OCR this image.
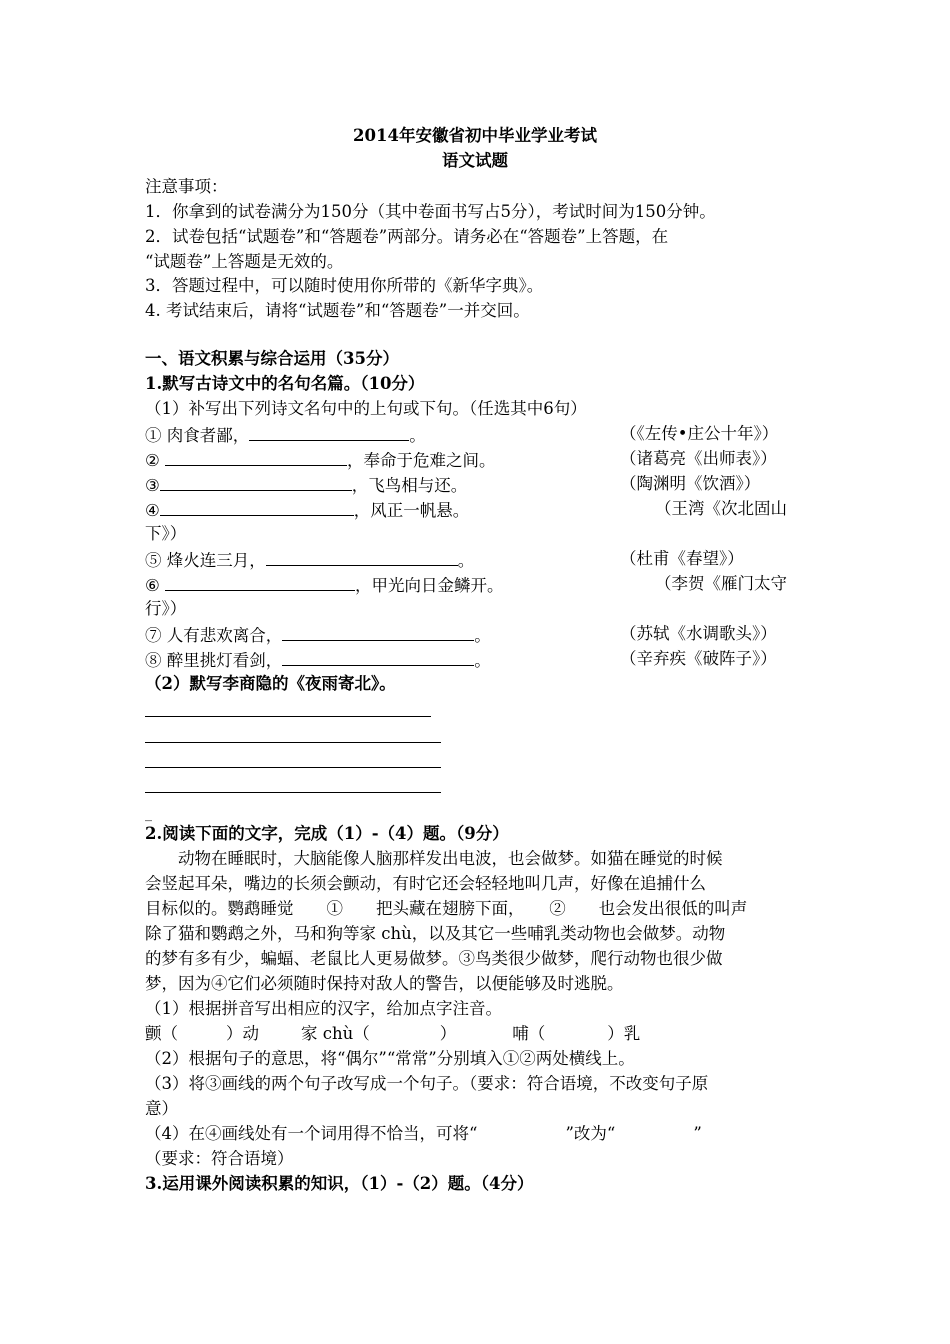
2014年安徽省初中毕业学业考试
语文试题
注意事项：
1．你拿到的试卷满分为150分（其中卷面书写占5分），考试时间为150分钟。
2．试卷包括“试题卷”和“答题卷”两部分。请务必在“答题卷”上答题，在
“试题卷”上答题是无效的。
3．答题过程中，可以随时使用你所带的《新华字典》。
4. 考试结束后，请将“试题卷”和“答题卷”一并交回。
一、语文积累与综合运用（35分）
1.默写古诗文中的名句名篇。（10分）
（1）补写出下列诗文名句中的上句或下句。（任选其中6句）
① 肉食者鄙，	。	（《左传•庄公十年》）
②	，奉命于危难之间。	（诸葛亮《出师表》）
③	，飞鸟相与还。	（陶渊明《饮酒》）
④	，风正一帆悬。	（王湾《次北固山
下》）
⑤ 烽火连三月，	。	（杜甫《春望》）
⑥	，甲光向日金鳞开。	（李贺《雁门太守
行》）
⑦ 人有悲欢离合，	。	（苏轼《水调歌头》）
⑧ 醉里挑灯看剑，	。	（辛弃疾《破阵子》）
（2）默写李商隐的《夜雨寄北》。
_
2.阅读下面的文字，完成（1）-（4）题。（9分）
　　动物在睡眠时，大脑能像人脑那样发出电波，也会做梦。如猫在睡觉的时候
会竖起耳朵，嘴边的长须会颤动，有时它还会轻轻地叫几声，好像在追捕什么
目标似的。鹦鹉睡觉　　①　　把头藏在翅膀下面，　　②　　也会发出很低的叫声
除了猫和鹦鹉之外，马和狗等家 chù，以及其它一些哺乳类动物也会做梦。动物
的梦有多有少，蝙蝠、老鼠比人更易做梦。③鸟类很少做梦，爬行动物也很少做
梦，因为④它们必须随时保持对敌人的警告，以便能够及时逃脱。
（1）根据拼音写出相应的汉字，给加点字注音。
颤（	）动	家 chù（	）	哺（	）乳
（2）根据句子的意思，将“偶尔”“常常”分别填入①②两处横线上。
（3）将③画线的两个句子改写成一个句子。（要求：符合语境，不改变句子原
意）
（4）在④画线处有一个词用得不恰当，可将“	”改为“	”
（要求：符合语境）
3.运用课外阅读积累的知识，（1）-（2）题。（4分）
